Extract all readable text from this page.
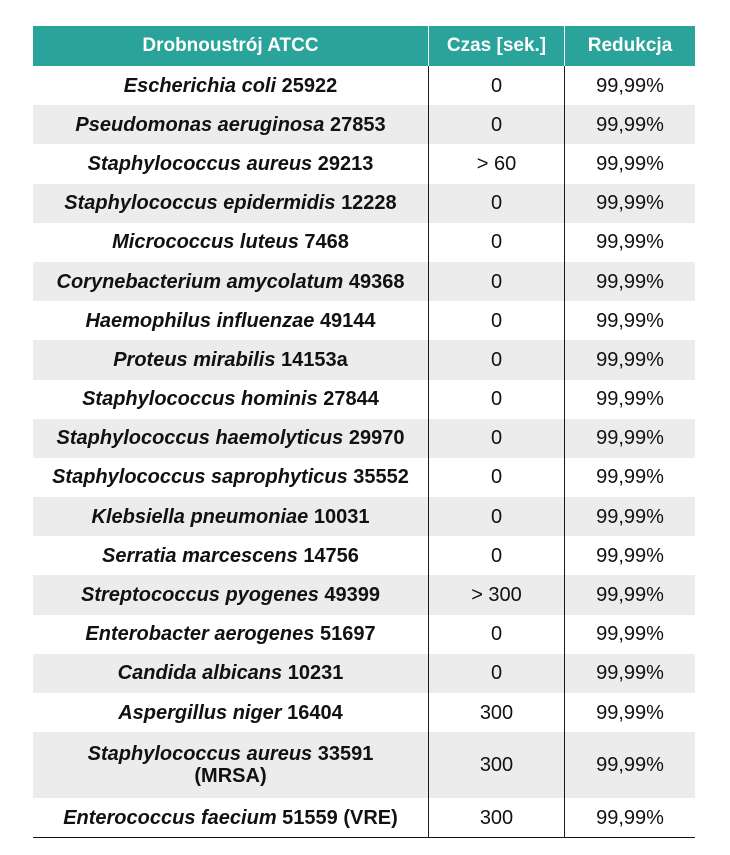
Drobnoustrój ATCC	Czas [sek.]	Redukcja
Escherichia coli 25922	0	99,99%
Pseudomonas aeruginosa 27853	0	99,99%
Staphylococcus aureus 29213	> 60	99,99%
Staphylococcus epidermidis 12228	0	99,99%
Micrococcus luteus 7468	0	99,99%
Corynebacterium amycolatum 49368	0	99,99%
Haemophilus influenzae 49144	0	99,99%
Proteus mirabilis 14153a	0	99,99%
Staphylococcus hominis 27844	0	99,99%
Staphylococcus haemolyticus 29970	0	99,99%
Staphylococcus saprophyticus 35552	0	99,99%
Klebsiella pneumoniae 10031	0	99,99%
Serratia marcescens 14756	0	99,99%
Streptococcus pyogenes 49399	> 300	99,99%
Enterobacter aerogenes 51697	0	99,99%
Candida albicans 10231	0	99,99%
Aspergillus niger 16404	300	99,99%
Staphylococcus aureus 33591
(MRSA)	300	99,99%
Enterococcus faecium 51559 (VRE)	300	99,99%
